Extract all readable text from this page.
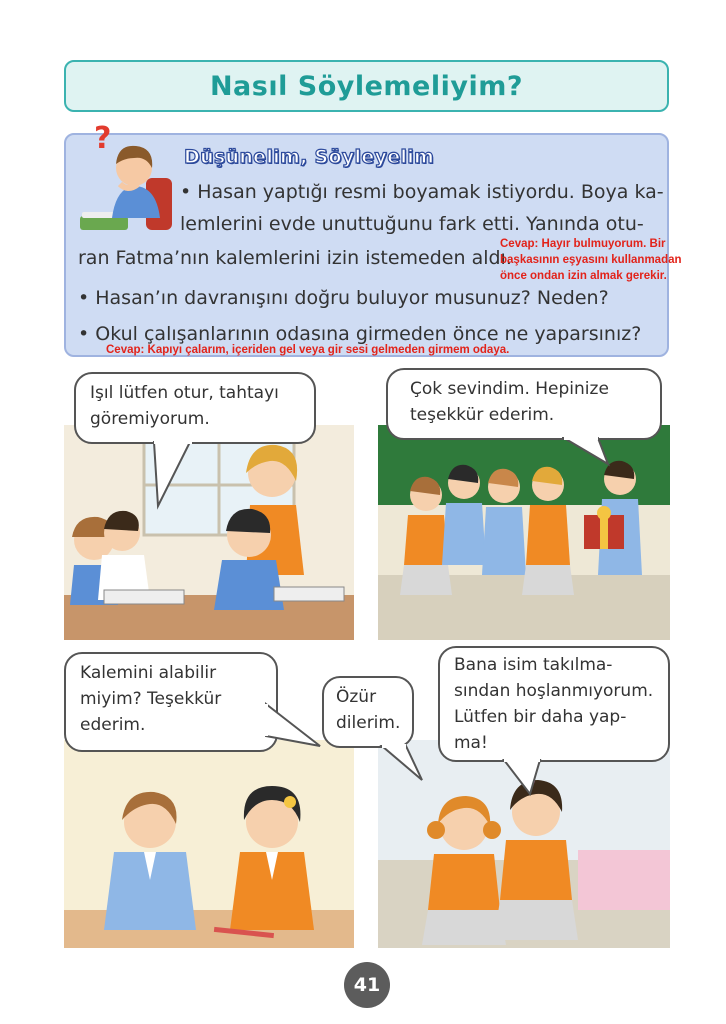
Nasıl Söylemeliyim?
?
Düşünelim, Söyleyelim
• Hasan yaptığı resmi boyamak istiyordu. Boya ka-
lemlerini evde unuttuğunu fark etti. Yanında otu-
ran Fatma’nın kalemlerini izin istemeden aldı.
• Hasan’ın davranışını doğru buluyor musunuz? Neden?
• Okul çalışanlarının odasına girmeden önce ne yaparsınız?
Cevap: Hayır bulmuyorum. Bir
başkasının eşyasını kullanmadan
önce ondan izin almak gerekir.
Cevap: Kapıyı çalarım, içeriden gel veya gir sesi gelmeden girmem odaya.
Işıl lütfen otur, tahtayı
göremiyorum.
Çok sevindim. Hepinize
teşekkür ederim.
Kalemini alabilir
miyim? Teşekkür
ederim.
Özür
dilerim.
Bana isim takılma-
sından hoşlanmıyorum.
Lütfen bir daha yap-
ma!
41
